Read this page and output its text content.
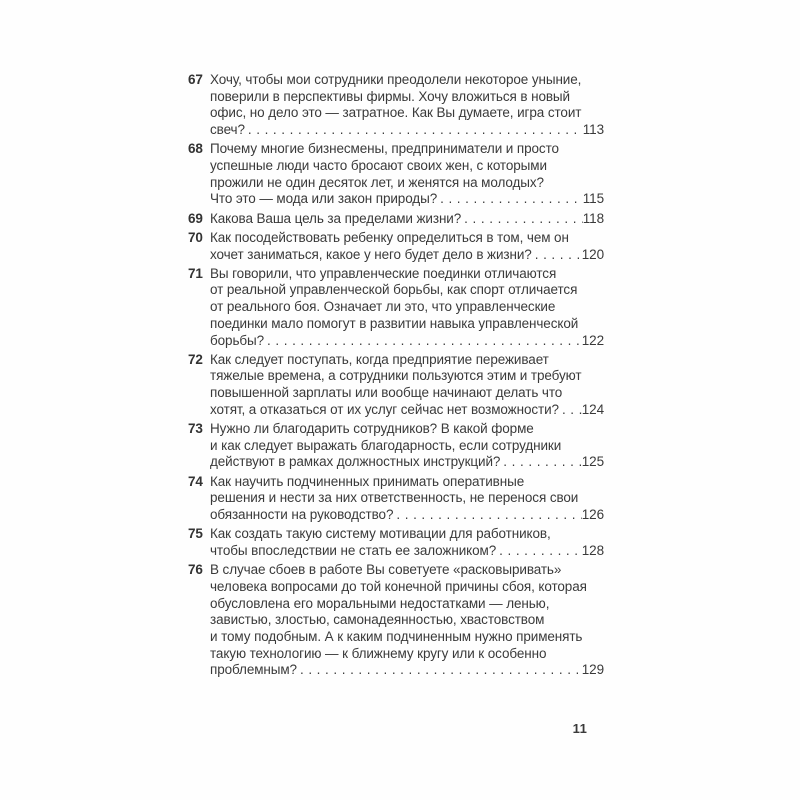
67 Хочу, чтобы мои сотрудники преодолели некоторое уныние,
поверили в перспективы фирмы. Хочу вложиться в новый
офис, но дело это — затратное. Как Вы думаете, игра стоит
свеч? .....	113
68 Почему многие бизнесмены, предприниматели и просто
успешные люди часто бросают своих жен, с которыми
прожили не один десяток лет, и женятся на молодых?
Что это — мода или закон природы? .....	115
69 Какова Ваша цель за пределами жизни? .....	118
70 Как посодействовать ребенку определиться в том, чем он
хочет заниматься, какое у него будет дело в жизни? .....	120
71 Вы говорили, что управленческие поединки отличаются
от реальной управленческой борьбы, как спорт отличается
от реального боя. Означает ли это, что управленческие
поединки мало помогут в развитии навыка управленческой
борьбы? .....	122
72 Как следует поступать, когда предприятие переживает
тяжелые времена, а сотрудники пользуются этим и требуют
повышенной зарплаты или вообще начинают делать что
хотят, а отказаться от их услуг сейчас нет возможности? ..... 124
73 Нужно ли благодарить сотрудников? В какой форме
и как следует выражать благодарность, если сотрудники
действуют в рамках должностных инструкций? .....	125
74 Как научить подчиненных принимать оперативные
решения и нести за них ответственность, не перенося свои
обязанности на руководство? .....	126
75 Как создать такую систему мотивации для работников,
чтобы впоследствии не стать ее заложником? .....	128
76 В случае сбоев в работе Вы советуете «расковыривать»
человека вопросами до той конечной причины сбоя, которая
обусловлена его моральными недостатками — ленью,
завистью, злостью, самонадеянностью, хвастовством
и тому подобным. А к каким подчиненным нужно применять
такую технологию — к ближнему кругу или к особенно
проблемным? .....	129
11
